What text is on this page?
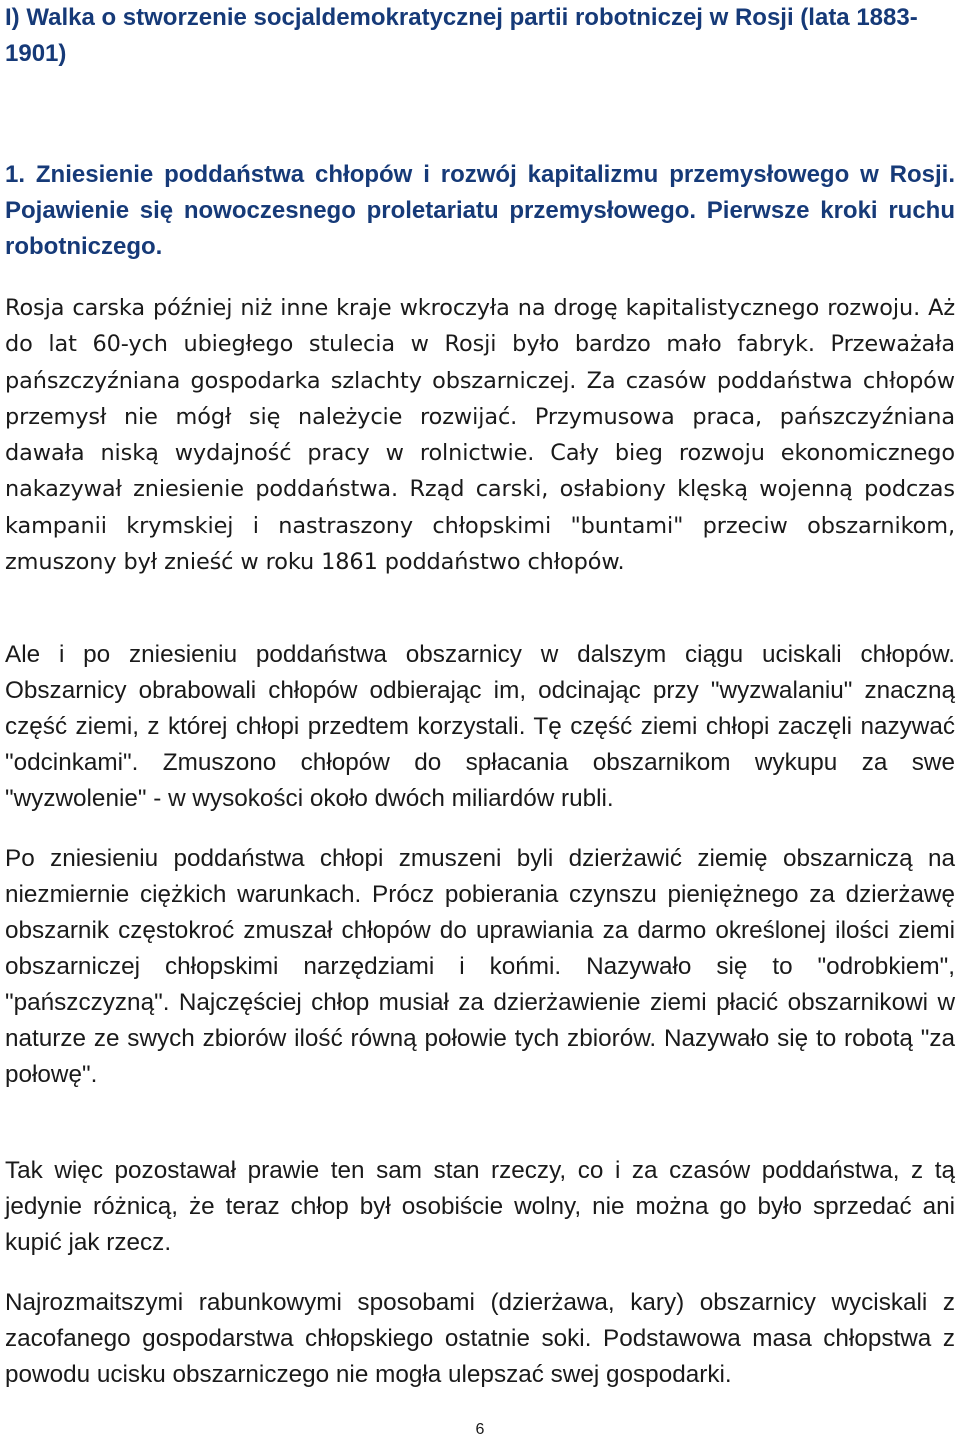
I) Walka o stworzenie socjaldemokratycznej partii robotniczej w Rosji (lata 1883-1901)
1. Zniesienie poddaństwa chłopów i rozwój kapitalizmu przemysłowego w Rosji. Pojawienie się nowoczesnego proletariatu przemysłowego. Pierwsze kroki ruchu robotniczego.

Rosja carska później niż inne kraje wkroczyła na drogę kapitalistycznego rozwoju. Aż do lat 60-ych ubiegłego stulecia w Rosji było bardzo mało fabryk. Przeważała pańszczyźniana gospodarka szlachty obszarniczej. Za czasów poddaństwa chłopów przemysł nie mógł się należycie rozwijać. Przymusowa praca, pańszczyźniana dawała niską wydajność pracy w rolnictwie. Cały bieg rozwoju ekonomicznego nakazywał zniesienie poddaństwa. Rząd carski, osłabiony klęską wojenną podczas kampanii krymskiej i nastraszony chłopskimi "buntami" przeciw obszarnikom, zmuszony był znieść w roku 1861 poddaństwo chłopów.

Ale i po zniesieniu poddaństwa obszarnicy w dalszym ciągu uciskali chłopów. Obszarnicy obrabowali chłopów odbierając im, odcinając przy "wyzwalaniu" znaczną część ziemi, z której chłopi przedtem korzystali. Tę część ziemi chłopi zaczęli nazywać "odcinkami". Zmuszono chłopów do spłacania obszarnikom wykupu za swe "wyzwolenie" - w wysokości około dwóch miliardów rubli.

Po zniesieniu poddaństwa chłopi zmuszeni byli dzierżawić ziemię obszarniczą na niezmiernie ciężkich warunkach. Prócz pobierania czynszu pieniężnego za dzierżawę obszarnik częstokroć zmuszał chłopów do uprawiania za darmo określonej ilości ziemi obszarniczej chłopskimi narzędziami i końmi. Nazywało się to "odrobkiem", "pańszczyzną". Najczęściej chłop musiał za dzierżawienie ziemi płacić obszarnikowi w naturze ze swych zbiorów ilość równą połowie tych zbiorów. Nazywało się to robotą "za połowę".

Tak więc pozostawał prawie ten sam stan rzeczy, co i za czasów poddaństwa, z tą jedynie różnicą, że teraz chłop był osobiście wolny, nie można go było sprzedać ani kupić jak rzecz.

Najrozmaitszymi rabunkowymi sposobami (dzierżawa, kary) obszarnicy wyciskali z zacofanego gospodarstwa chłopskiego ostatnie soki. Podstawowa masa chłopstwa z powodu ucisku obszarniczego nie mogła ulepszać swej gospodarki.

6
